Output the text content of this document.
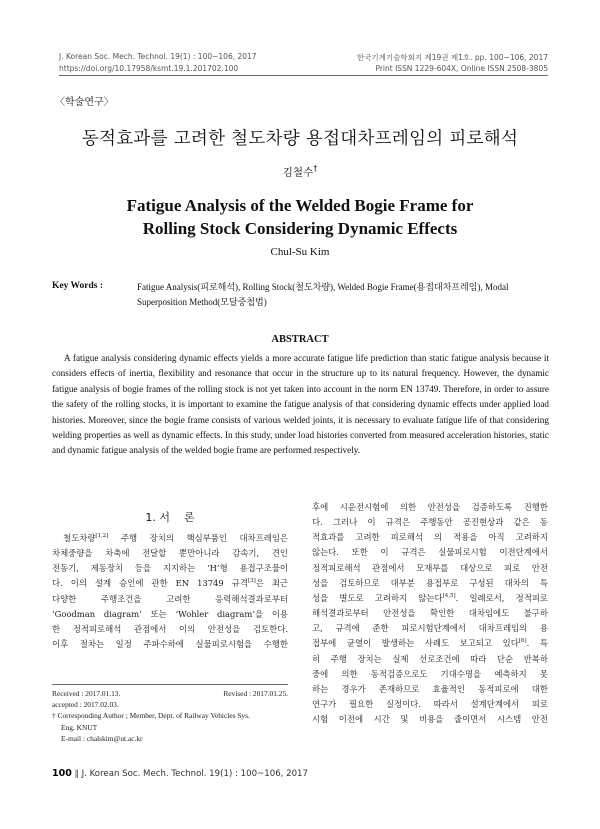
J. Korean Soc. Mech. Technol. 19(1) : 100~106, 2017
https://doi.org/10.17958/ksmt.19.1.201702.100
한국기계기술학회지 제19권 제1호. pp. 100~106, 2017
Print ISSN 1229-604X, Online ISSN 2508-3805
〈학술연구〉
동적효과를 고려한 철도차량 용접대차프레임의 피로해석
김철수†
Fatigue Analysis of the Welded Bogie Frame for
Rolling Stock Considering Dynamic Effects
Chul-Su Kim
Key Words :	Fatigue Analysis(피로해석), Rolling Stock(철도차량), Welded Bogie Frame(용접대차프레임), Modal
Superposition Method(모달중첩법)
ABSTRACT
A fatigue analysis considering dynamic effects yields a more accurate fatigue life prediction than static fatigue analysis because it considers effects of inertia, flexibility and resonance that occur in the structure up to its natural frequency. However, the dynamic fatigue analysis of bogie frames of the rolling stock is not yet taken into account in the norm EN 13749. Therefore, in order to assure the safety of the rolling stocks, it is important to examine the fatigue analysis of that considering dynamic effects under applied load histories. Moreover, since the bogie frame consists of various welded joints, it is necessary to evaluate fatigue life of that considering welding properties as well as dynamic effects. In this study, under load histories converted from measured acceleration histories, static and dynamic fatigue analysis of the welded bogie frame are performed respectively.
1. 서    론
철도차량[1,2] 주행 장치의 핵심부품인 대차프레임은
차체중량을 차축에 전달할 뿐만아니라 감속기, 견인
전동기, 제동장치 등을 지지하는 ‘H’형 용접구조물이
다. 이의 설계 승인에 관한 EN 13749 규격[3]은 최근
다양한 주행조건을 고려한 응력해석결과로부터
‘Goodman diagram’ 또는 ‘Wohler diagram’을 이용
한 정적피로해석 관점에서 이의 안전성을 검토한다.
이후 절차는 일정 주파수하에 실물피로시험을 수행한
Received : 2017.01.13.	Revised : 2017.01.25.
accepted : 2017.02.03.
† Corresponding Author ; Member, Dept. of Railway Vehicles Sys.
Eng, KNUT
E-mail : chalskim@ut.ac.kr
후에 시운전시험에 의한 안전성을 검증하도록 진행한
다. 그러나 이 규격은 주행동안 공진현상과 같은 동
적효과를 고려한 피로해석 의 적용을 아직 고려하지
않는다. 또한 이 규격은 실물피로시험 이전단계에서
정적피로해석 관점에서 모재부를 대상으로 피로 안전
성을 검토하므로 대부분 용접부로 구성된 대차의 특
성을 별도로 고려하지 않는다[4,5]. 일례로서, 정적피로
해석결과로부터 안전성을 확인한 대차임에도 불구하
고, 규격에 준한 피로시험단계에서 대차프레임의 용
접부에 균열이 발생하는 사례도 보고되고 있다[6]. 특
히 주행 장치는 실제 선로조건에 따라 단순 반복하
중에 의한 동적검증으로도 기대수명을 예측하지 못
하는 경우가 존재하므로 효율적인 동적피로에 대한
연구가 필요한 실정이다. 따라서 설계단계에서 피로
시험 이전에 시간 및 비용을 줄이면서 시스템 안전
100 ∥ J. Korean Soc. Mech. Technol. 19(1) : 100~106, 2017
